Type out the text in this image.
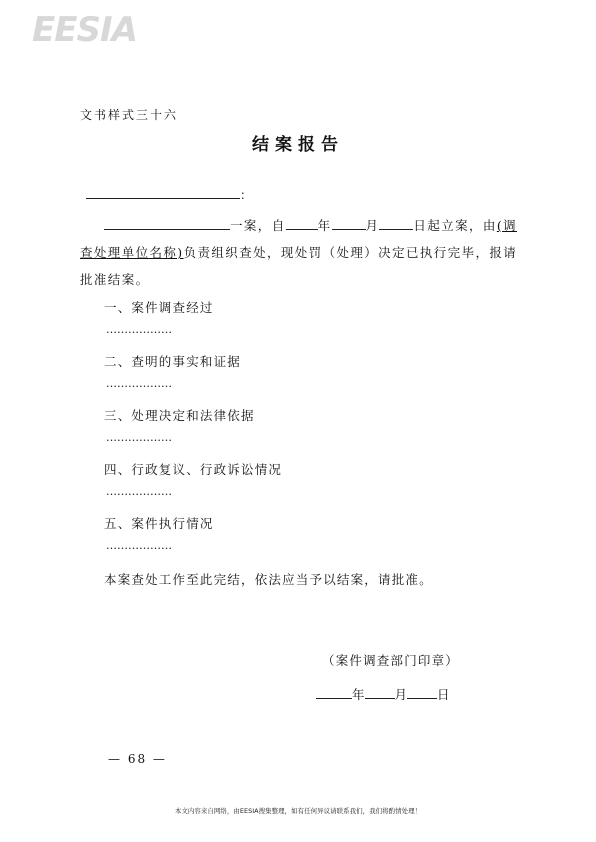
EESIA
文书样式三十六
结案报告
：
一案，自	年	月	日起立案，由(调查处理单位名称)负责组织查处，现处罚（处理）决定已执行完毕，报请批准结案。
一、案件调查经过
………………
二、查明的事实和证据
………………
三、处理决定和法律依据
………………
四、行政复议、行政诉讼情况
………………
五、案件执行情况
………………
本案查处工作至此完结，依法应当予以结案，请批准。
（案件调查部门印章）
年 月 日
— 68 —
本文内容来自网络，由EESIA搜集整理，如有任何异议请联系我们，我们将酌情处理！
